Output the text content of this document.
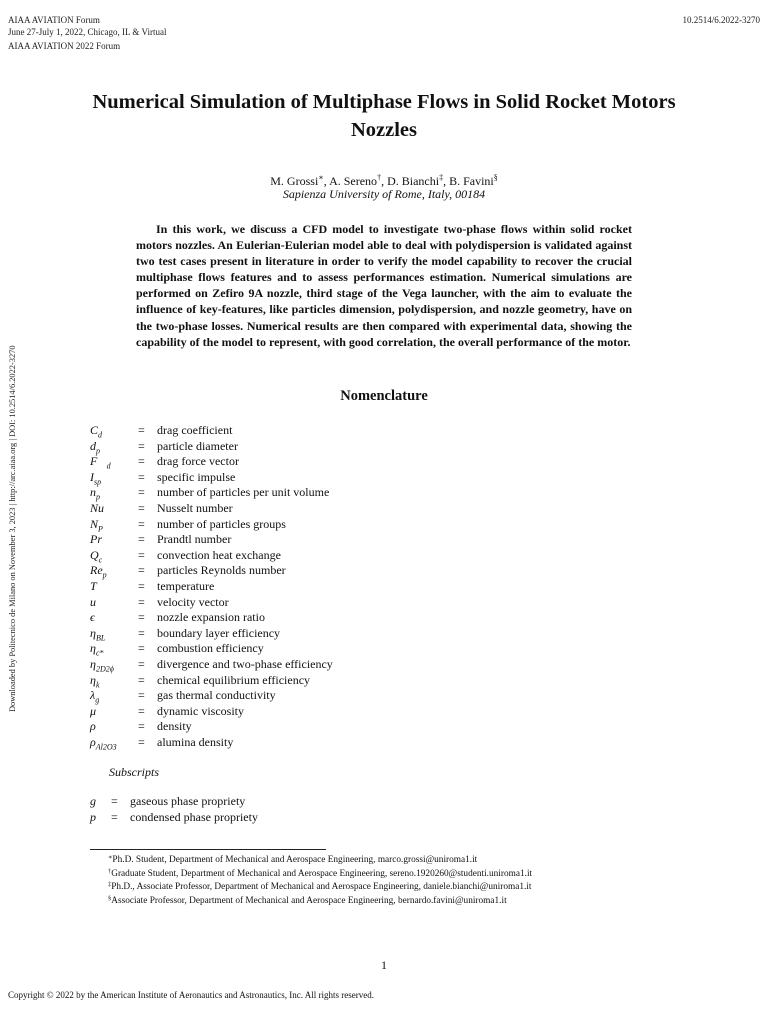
AIAA AVIATION Forum
June 27-July 1, 2022, Chicago, IL & Virtual
AIAA AVIATION 2022 Forum
10.2514/6.2022-3270
Downloaded by Politecnico de Milano on November 3, 2023 | http://arc.aiaa.org | DOI: 10.2514/6.2022-3270
Numerical Simulation of Multiphase Flows in Solid Rocket Motors Nozzles
M. Grossi∗, A. Sereno†, D. Bianchi‡, B. Favini§
Sapienza University of Rome, Italy, 00184
In this work, we discuss a CFD model to investigate two-phase flows within solid rocket motors nozzles. An Eulerian-Eulerian model able to deal with polydispersion is validated against two test cases present in literature in order to verify the model capability to recover the crucial multiphase flows features and to assess performances estimation. Numerical simulations are performed on Zefiro 9A nozzle, third stage of the Vega launcher, with the aim to evaluate the influence of key-features, like particles dimension, polydispersion, and nozzle geometry, have on the two-phase losses. Numerical results are then compared with experimental data, showing the capability of the model to represent, with good correlation, the overall performance of the motor.
Nomenclature
$C_d$	= drag coefficient
$d_p$	= particle diameter
$F⃗_d$	= drag force vector
$I_{sp}$	= specific impulse
$n_p$	= number of particles per unit volume
Nu	= Nusselt number
$N_P$	= number of particles groups
Pr	= Prandtl number
$Q_c$	= convection heat exchange
$Re_p$	= particles Reynolds number
T	= temperature
u⃗	= velocity vector
ϵ	= nozzle expansion ratio
$\eta_{BL}$	= boundary layer efficiency
$\eta_{c*}$	= combustion efficiency
$\eta_{2D2\phi}$	= divergence and two-phase efficiency
$\eta_k$	= chemical equilibrium efficiency
$\lambda_g$	= gas thermal conductivity
μ	= dynamic viscosity
ρ	= density
$\rho_{Al2O3}$	= alumina density
Subscripts
g	= gaseous phase propriety
p	= condensed phase propriety
∗Ph.D. Student, Department of Mechanical and Aerospace Engineering, marco.grossi@uniroma1.it
†Graduate Student, Department of Mechanical and Aerospace Engineering, sereno.1920260@studenti.uniroma1.it
‡Ph.D., Associate Professor, Department of Mechanical and Aerospace Engineering, daniele.bianchi@uniroma1.it
§Associate Professor, Department of Mechanical and Aerospace Engineering, bernardo.favini@uniroma1.it
1
Copyright © 2022 by the American Institute of Aeronautics and Astronautics, Inc. All rights reserved.
